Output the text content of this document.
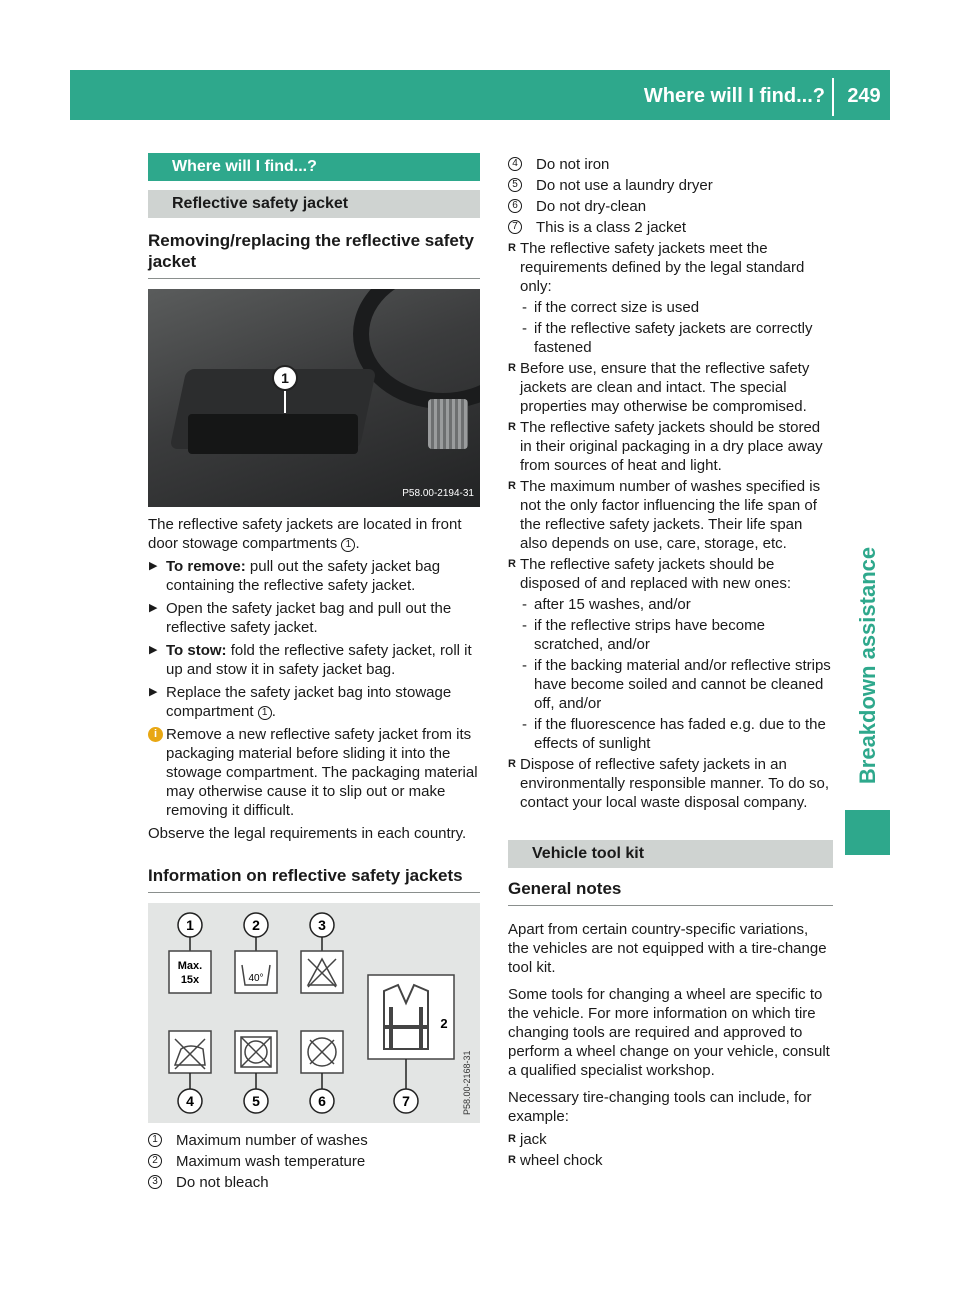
Where will I find...?	249
Breakdown assistance
Where will I find...?
Reflective safety jacket
Removing/replacing the reflective safety jacket
1
P58.00-2194-31
The reflective safety jackets are located in front door stowage compartments 1 .
▶ To remove: pull out the safety jacket bag containing the reflective safety jacket.
▶ Open the safety jacket bag and pull out the reflective safety jacket.
▶ To stow: fold the reflective safety jacket, roll it up and stow it in safety jacket bag.
▶ Replace the safety jacket bag into stowage compartment 1 .
i Remove a new reflective safety jacket from its packaging material before sliding it into the stowage compartment. The packaging material may otherwise cause it to slip out or make removing it difficult.
Observe the legal requirements in each country.
Information on reflective safety jackets
1	2	3
Max.
15x	40°
2
4	5	6	7	P58.00-2168-31
1 Maximum number of washes
2 Maximum wash temperature
3 Do not bleach
4 Do not iron
5 Do not use a laundry dryer
6 Do not dry-clean
7 This is a class 2 jacket
R The reflective safety jackets meet the requirements defined by the legal standard only:
- if the correct size is used
- if the reflective safety jackets are correctly fastened
R Before use, ensure that the reflective safety jackets are clean and intact. The special properties may otherwise be compromised.
R The reflective safety jackets should be stored in their original packaging in a dry place away from sources of heat and light.
R The maximum number of washes specified is not the only factor influencing the life span of the reflective safety jackets. Their life span also depends on use, care, storage, etc.
R The reflective safety jackets should be disposed of and replaced with new ones:
- after 15 washes, and/or
- if the reflective strips have become scratched, and/or
- if the backing material and/or reflective strips have become soiled and cannot be cleaned off, and/or
- if the fluorescence has faded e.g. due to the effects of sunlight
R Dispose of reflective safety jackets in an environmentally responsible manner. To do so, contact your local waste disposal company.
Vehicle tool kit
General notes
Apart from certain country-specific variations, the vehicles are not equipped with a tire-change tool kit.
Some tools for changing a wheel are specific to the vehicle. For more information on which tire changing tools are required and approved to perform a wheel change on your vehicle, consult a qualified specialist workshop.
Necessary tire-changing tools can include, for example:
R jack
R wheel chock
